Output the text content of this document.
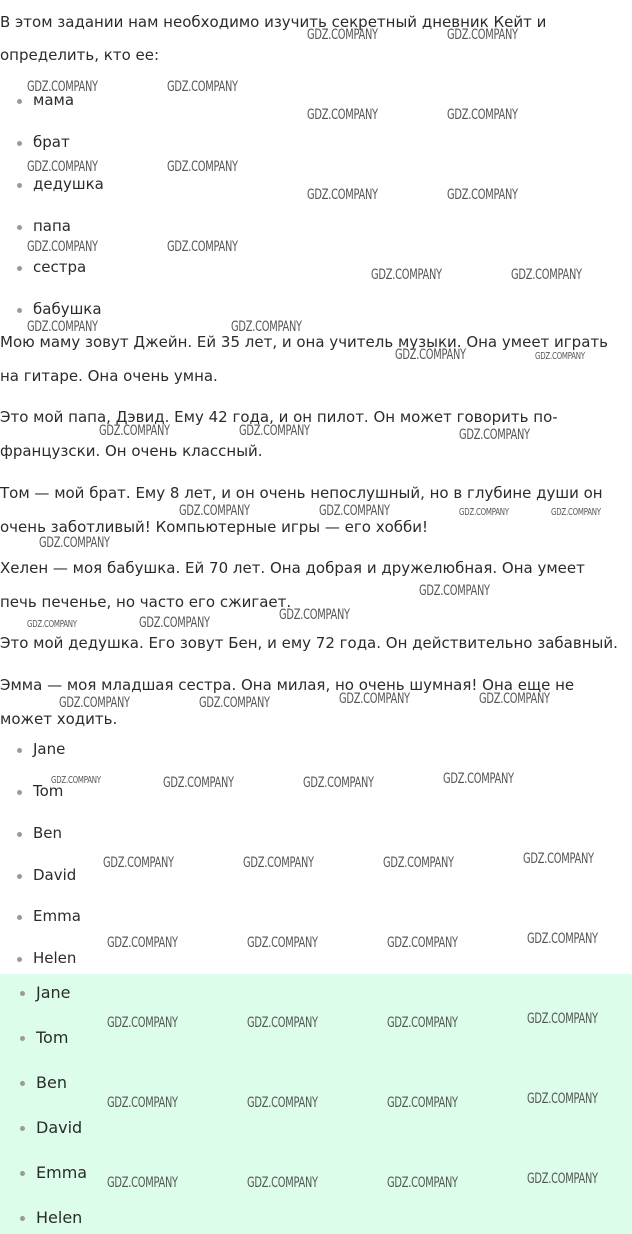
В этом задании нам необходимо изучить секретный дневник Кейт и определить, кто ее:

мама
брат
дедушка
папа
сестра
бабушка

Мою маму зовут Джейн. Ей 35 лет, и она учитель музыки. Она умеет играть на гитаре. Она очень умна.

Это мой папа, Дэвид. Ему 42 года, и он пилот. Он может говорить по-французски. Он очень классный.

Том — мой брат. Ему 8 лет, и он очень непослушный, но в глубине души он очень заботливый! Компьютерные игры — его хобби!

Хелен — моя бабушка. Ей 70 лет. Она добрая и дружелюбная. Она умеет печь печенье, но часто его сжигает.

Это мой дедушка. Его зовут Бен, и ему 72 года. Он действительно забавный.

Эмма — моя младшая сестра. Она милая, но очень шумная! Она еще не может ходить.

Jane
Tom
Ben
David
Emma
Helen
Jane
Tom
Ben
David
Emma
Helen
GDZ.COMPANY	GDZ.COMPANY
GDZ.COMPANY	GDZ.COMPANY
GDZ.COMPANY	GDZ.COMPANY
GDZ.COMPANY	GDZ.COMPANY
GDZ.COMPANY	GDZ.COMPANY
GDZ.COMPANY	GDZ.COMPANY
GDZ.COMPANY	GDZ.COMPANY
GDZ.COMPANY	GDZ.COMPANY
GDZ.COMPANY	GDZ.COMPANY
GDZ.COMPANY	GDZ.COMPANY	GDZ.COMPANY
GDZ.COMPANY	GDZ.COMPANY	GDZ.COMPANY	GDZ.COMPANY
GDZ.COMPANY
GDZ.COMPANY
GDZ.COMPANY
GDZ.COMPANY	GDZ.COMPANY
GDZ.COMPANY	GDZ.COMPANY	GDZ.COMPANY	GDZ.COMPANY
GDZ.COMPANY	GDZ.COMPANY	GDZ.COMPANY	GDZ.COMPANY
GDZ.COMPANY	GDZ.COMPANY	GDZ.COMPANY	GDZ.COMPANY
GDZ.COMPANY	GDZ.COMPANY	GDZ.COMPANY	GDZ.COMPANY
GDZ.COMPANY	GDZ.COMPANY	GDZ.COMPANY	GDZ.COMPANY
GDZ.COMPANY	GDZ.COMPANY	GDZ.COMPANY	GDZ.COMPANY
GDZ.COMPANY	GDZ.COMPANY	GDZ.COMPANY	GDZ.COMPANY
